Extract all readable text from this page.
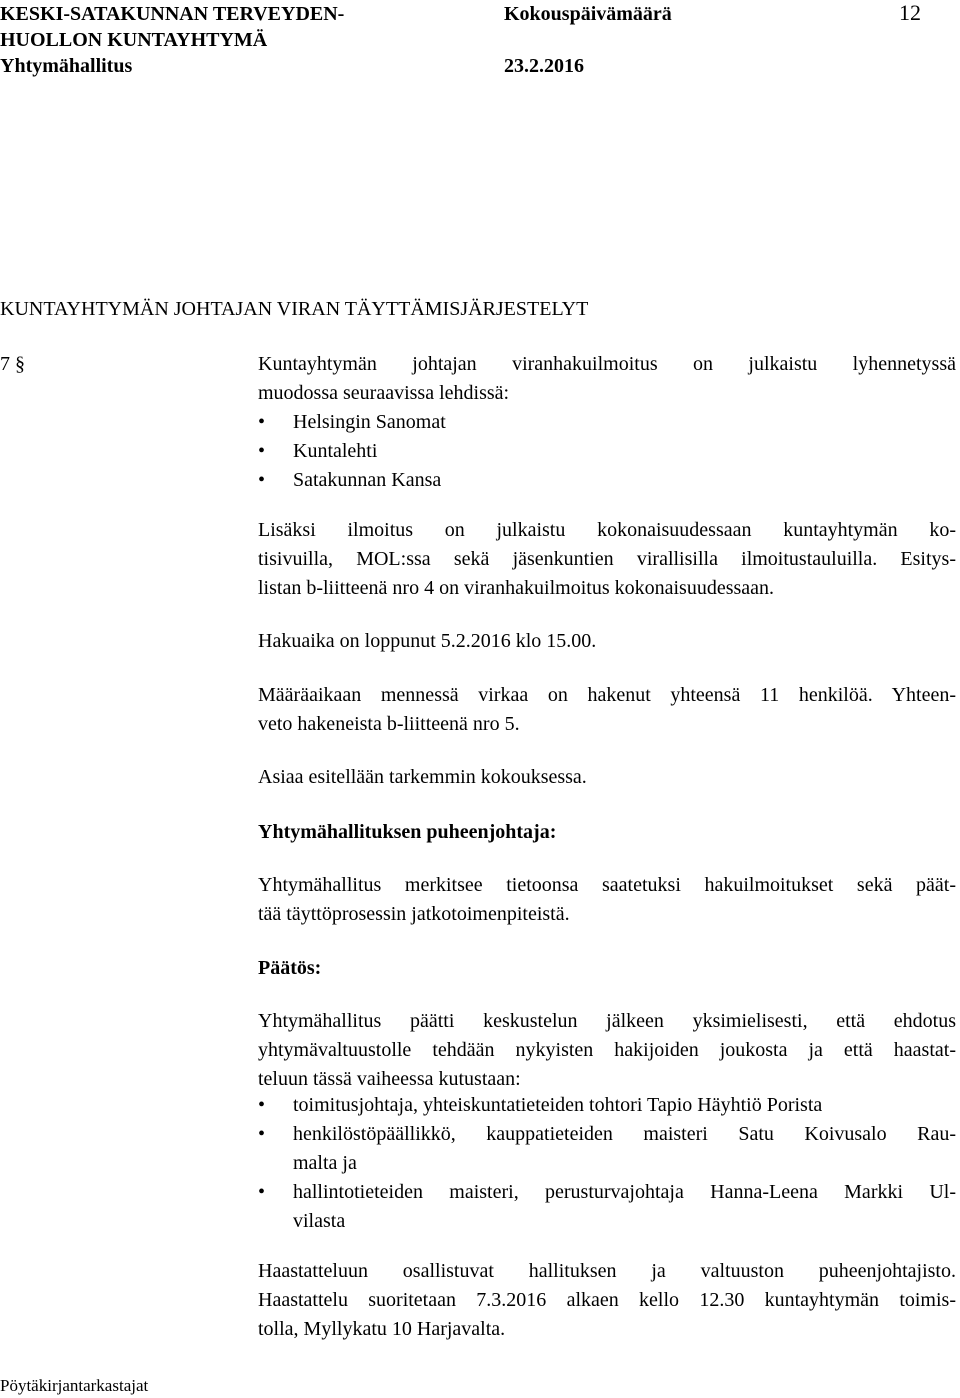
KESKI-SATAKUNNAN TERVEYDEN-	Kokouspäivämäärä	12
HUOLLON KUNTAYHTYMÄ
Yhtymähallitus	23.2.2016
KUNTAYHTYMÄN JOHTAJAN VIRAN TÄYTTÄMISJÄRJESTELYT
7 §	Kuntayhtymän johtajan viranhakuilmoitus on julkaistu lyhennetyssä
muodossa seuraavissa lehdissä:
• Helsingin Sanomat
• Kuntalehti
• Satakunnan Kansa
Lisäksi ilmoitus on julkaistu kokonaisuudessaan kuntayhtymän ko-
tisivuilla, MOL:ssa sekä jäsenkuntien virallisilla ilmoitustauluilla. Esitys-
listan b-liitteenä nro 4 on viranhakuilmoitus kokonaisuudessaan.
Hakuaika on loppunut 5.2.2016 klo 15.00.
Määräaikaan mennessä virkaa on hakenut yhteensä 11 henkilöä. Yhteen-
veto hakeneista b-liitteenä nro 5.
Asiaa esitellään tarkemmin kokouksessa.
Yhtymähallituksen puheenjohtaja:
Yhtymähallitus merkitsee tietoonsa saatetuksi hakuilmoitukset sekä päät-
tää täyttöprosessin jatkotoimenpiteistä.
Päätös:
Yhtymähallitus päätti keskustelun jälkeen yksimielisesti, että ehdotus
yhtymävaltuustolle tehdään nykyisten hakijoiden joukosta ja että haastat-
teluun tässä vaiheessa kutustaan:
• toimitusjohtaja, yhteiskuntatieteiden tohtori Tapio Häyhtiö Porista
• henkilöstöpäällikkö, kauppatieteiden maisteri Satu Koivusalo Rau-
malta ja
• hallintotieteiden maisteri, perusturvajohtaja Hanna-Leena Markki Ul-
vilasta
Haastatteluun osallistuvat hallituksen ja valtuuston puheenjohtajisto.
Haastattelu suoritetaan 7.3.2016 alkaen kello 12.30 kuntayhtymän toimis-
tolla, Myllykatu 10 Harjavalta.
Pöytäkirjantarkastajat
